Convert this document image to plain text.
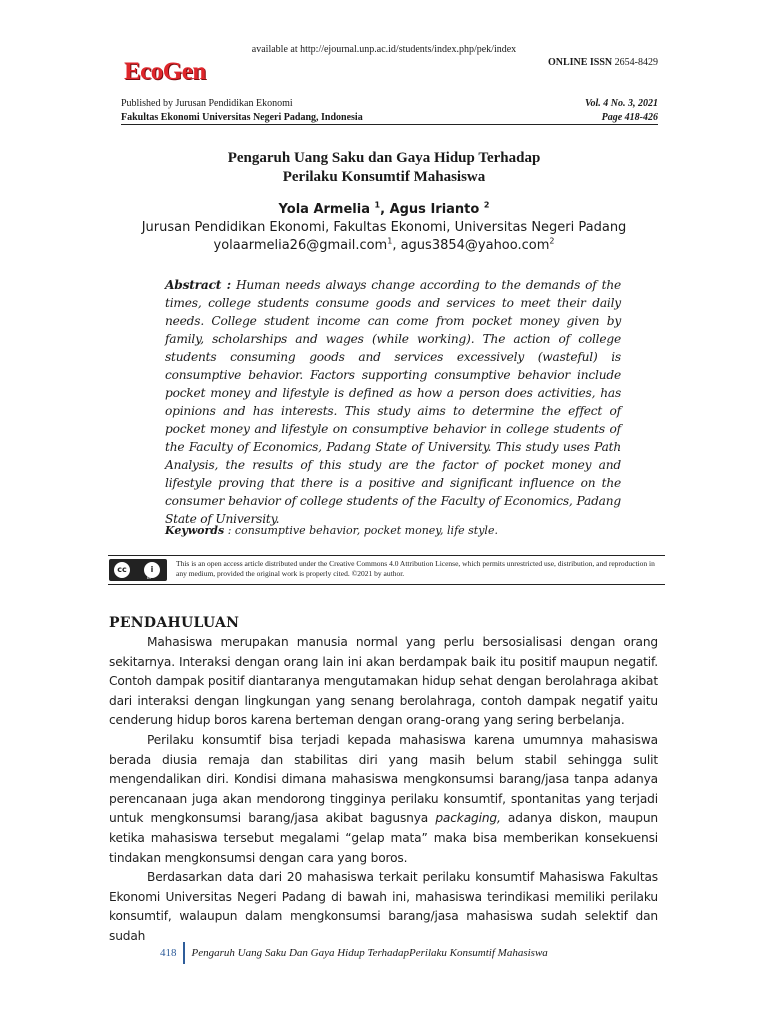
available at http://ejournal.unp.ac.id/students/index.php/pek/index
ONLINE ISSN 2654-8429
EcoGen
Published by Jurusan Pendidikan Ekonomi
Fakultas Ekonomi Universitas Negeri Padang, Indonesia
Vol. 4 No. 3, 2021
Page 418-426
Pengaruh Uang Saku dan Gaya Hidup Terhadap
Perilaku Konsumtif Mahasiswa
Yola Armelia $^1$, Agus Irianto $^2$
Jurusan Pendidikan Ekonomi, Fakultas Ekonomi, Universitas Negeri Padang
yolaarmelia26@gmail.com$^1$, agus3854@yahoo.com$^2$
Abstract : Human needs always change according to the demands of the times, college students consume goods and services to meet their daily needs. College student income can come from pocket money given by family, scholarships and wages (while working). The action of college students consuming goods and services excessively (wasteful) is consumptive behavior. Factors supporting consumptive behavior include pocket money and lifestyle is defined as how a person does activities, has opinions and has interests. This study aims to determine the effect of pocket money and lifestyle on consumptive behavior in college students of the Faculty of Economics, Padang State of University. This study uses Path Analysis, the results of this study are the factor of pocket money and lifestyle proving that there is a positive and significant influence on the consumer behavior of college students of the Faculty of Economics, Padang State of University.
Keywords : consumptive behavior, pocket money, life style.
cc	i
BY
This is an open access article distributed under the Creative Commons 4.0 Attribution License, which permits unrestricted use, distribution, and reproduction in any medium, provided the original work is properly cited. ©2021 by author.
PENDAHULUAN

Mahasiswa merupakan manusia normal yang perlu bersosialisasi dengan orang sekitarnya. Interaksi dengan orang lain ini akan berdampak baik itu positif maupun negatif. Contoh dampak positif diantaranya mengutamakan hidup sehat dengan berolahraga akibat dari interaksi dengan lingkungan yang senang berolahraga, contoh dampak negatif yaitu cenderung hidup boros karena berteman dengan orang-orang yang sering berbelanja.

Perilaku konsumtif bisa terjadi kepada mahasiswa karena umumnya mahasiswa berada diusia remaja dan stabilitas diri yang masih belum stabil sehingga sulit mengendalikan diri. Kondisi dimana mahasiswa mengkonsumsi barang/jasa tanpa adanya perencanaan juga akan mendorong tingginya perilaku konsumtif, spontanitas yang terjadi untuk mengkonsumsi barang/jasa akibat bagusnya packaging, adanya diskon, maupun ketika mahasiswa tersebut megalami “gelap mata” maka bisa memberikan konsekuensi tindakan mengkonsumsi dengan cara yang boros.

Berdasarkan data dari 20 mahasiswa terkait perilaku konsumtif Mahasiswa Fakultas Ekonomi Universitas Negeri Padang di bawah ini, mahasiswa terindikasi memiliki perilaku konsumtif, walaupun dalam mengkonsumsi barang/jasa mahasiswa sudah selektif dan sudah

418	Pengaruh Uang Saku Dan Gaya Hidup TerhadapPerilaku Konsumtif Mahasiswa
